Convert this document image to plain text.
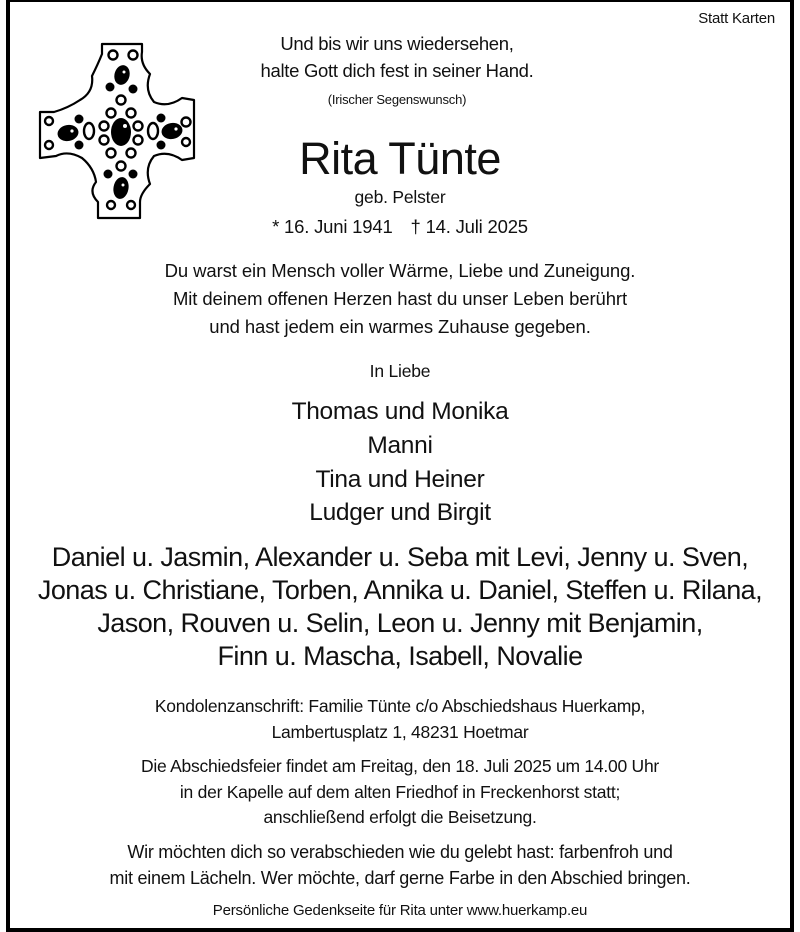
Statt Karten
Und bis wir uns wiedersehen,
halte Gott dich fest in seiner Hand.
(Irischer Segenswunsch)
Rita Tünte
geb. Pelster
* 16. Juni 1941 † 14. Juli 2025
Du warst ein Mensch voller Wärme, Liebe und Zuneigung.
Mit deinem offenen Herzen hast du unser Leben berührt
und hast jedem ein warmes Zuhause gegeben.
In Liebe
Thomas und Monika
Manni
Tina und Heiner
Ludger und Birgit
Daniel u. Jasmin, Alexander u. Seba mit Levi, Jenny u. Sven,
Jonas u. Christiane, Torben, Annika u. Daniel, Steffen u. Rilana,
Jason, Rouven u. Selin, Leon u. Jenny mit Benjamin,
Finn u. Mascha, Isabell, Novalie
Kondolenzanschrift: Familie Tünte c/o Abschiedshaus Huerkamp,
Lambertusplatz 1, 48231 Hoetmar
Die Abschiedsfeier findet am Freitag, den 18. Juli 2025 um 14.00 Uhr
in der Kapelle auf dem alten Friedhof in Freckenhorst statt;
anschließend erfolgt die Beisetzung.
Wir möchten dich so verabschieden wie du gelebt hast: farbenfroh und
mit einem Lächeln. Wer möchte, darf gerne Farbe in den Abschied bringen.
Persönliche Gedenkseite für Rita unter www.huerkamp.eu
